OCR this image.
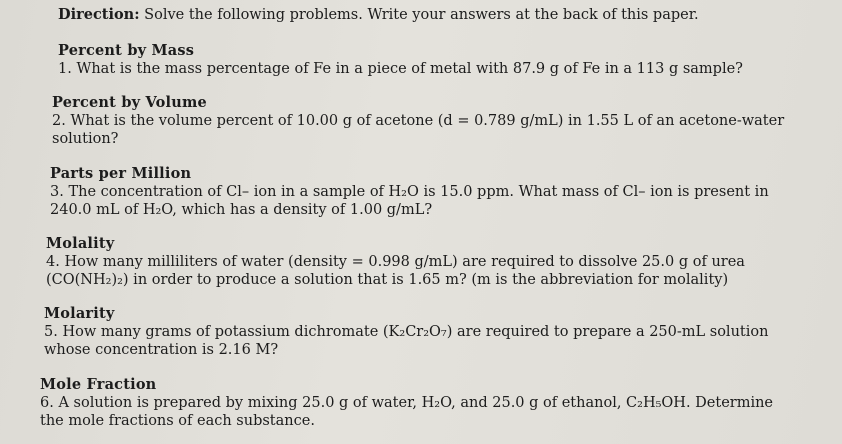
Direction: Solve the following problems. Write your answers at the back of this paper.
Percent by Mass
1. What is the mass percentage of Fe in a piece of metal with 87.9 g of Fe in a 113 g sample?
Percent by Volume
2. What is the volume percent of 10.00 g of acetone (d = 0.789 g/mL) in 1.55 L of an acetone-water
solution?
Parts per Million
3. The concentration of Cl– ion in a sample of H₂O is 15.0 ppm. What mass of Cl– ion is present in
240.0 mL of H₂O, which has a density of 1.00 g/mL?
Molality
4. How many milliliters of water (density = 0.998 g/mL) are required to dissolve 25.0 g of urea
(CO(NH₂)₂) in order to produce a solution that is 1.65 m? (m is the abbreviation for molality)
Molarity
5. How many grams of potassium dichromate (K₂Cr₂O₇) are required to prepare a 250-mL solution
whose concentration is 2.16 M?
Mole Fraction
6. A solution is prepared by mixing 25.0 g of water, H₂O, and 25.0 g of ethanol, C₂H₅OH. Determine
the mole fractions of each substance.
